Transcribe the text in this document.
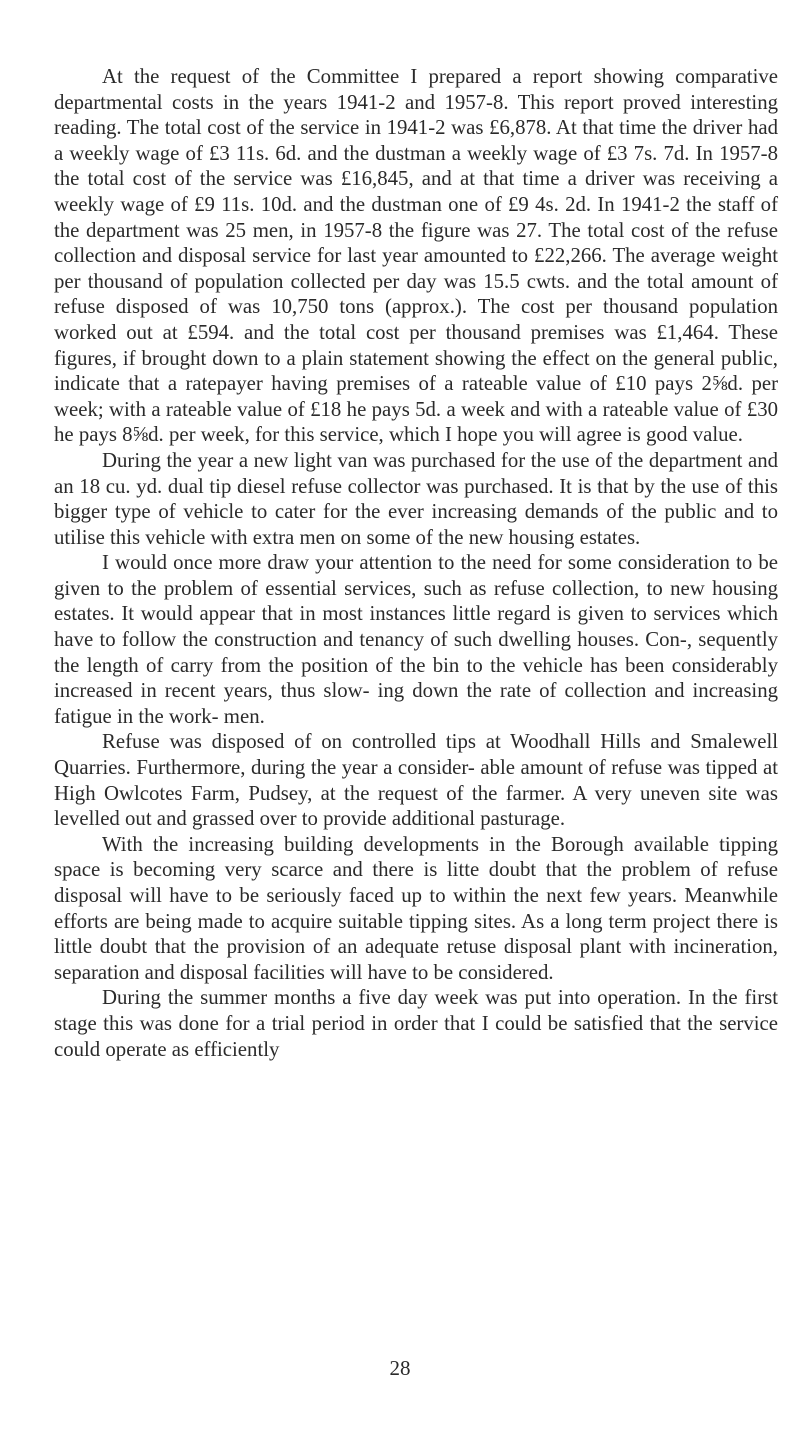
At the request of the Committee I prepared a report showing comparative departmental costs in the years 1941-2 and 1957-8. This report proved interesting reading. The total cost of the service in 1941-2 was £6,878. At that time the driver had a weekly wage of £3 11s. 6d. and the dustman a weekly wage of £3 7s. 7d. In 1957-8 the total cost of the service was £16,845, and at that time a driver was receiving a weekly wage of £9 11s. 10d. and the dustman one of £9 4s. 2d. In 1941-2 the staff of the department was 25 men, in 1957-8 the figure was 27. The total cost of the refuse collection and disposal service for last year amounted to £22,266. The average weight per thousand of population collected per day was 15.5 cwts. and the total amount of refuse disposed of was 10,750 tons (approx.). The cost per thousand population worked out at £594. and the total cost per thousand premises was £1,464. These figures, if brought down to a plain statement showing the effect on the general public, indicate that a ratepayer having premises of a rateable value of £10 pays 2⅝d. per week; with a rateable value of £18 he pays 5d. a week and with a rateable value of £30 he pays 8⅝d. per week, for this service, which I hope you will agree is good value.

During the year a new light van was purchased for the use of the department and an 18 cu. yd. dual tip diesel refuse collector was purchased. It is that by the use of this bigger type of vehicle to cater for the ever increasing demands of the public and to utilise this vehicle with extra men on some of the new housing estates.

I would once more draw your attention to the need for some consideration to be given to the problem of essential services, such as refuse collection, to new housing estates. It would appear that in most instances little regard is given to services which have to follow the construction and tenancy of such dwelling houses. Con-, sequently the length of carry from the position of the bin to the vehicle has been considerably increased in recent years, thus slow- ing down the rate of collection and increasing fatigue in the work- men.

Refuse was disposed of on controlled tips at Woodhall Hills and Smalewell Quarries. Furthermore, during the year a consider- able amount of refuse was tipped at High Owlcotes Farm, Pudsey, at the request of the farmer. A very uneven site was levelled out and grassed over to provide additional pasturage.

With the increasing building developments in the Borough available tipping space is becoming very scarce and there is litte doubt that the problem of refuse disposal will have to be seriously faced up to within the next few years. Meanwhile efforts are being made to acquire suitable tipping sites. As a long term project there is little doubt that the provision of an adequate retuse disposal plant with incineration, separation and disposal facilities will have to be considered.

During the summer months a five day week was put into operation. In the first stage this was done for a trial period in order that I could be satisfied that the service could operate as efficiently

28
